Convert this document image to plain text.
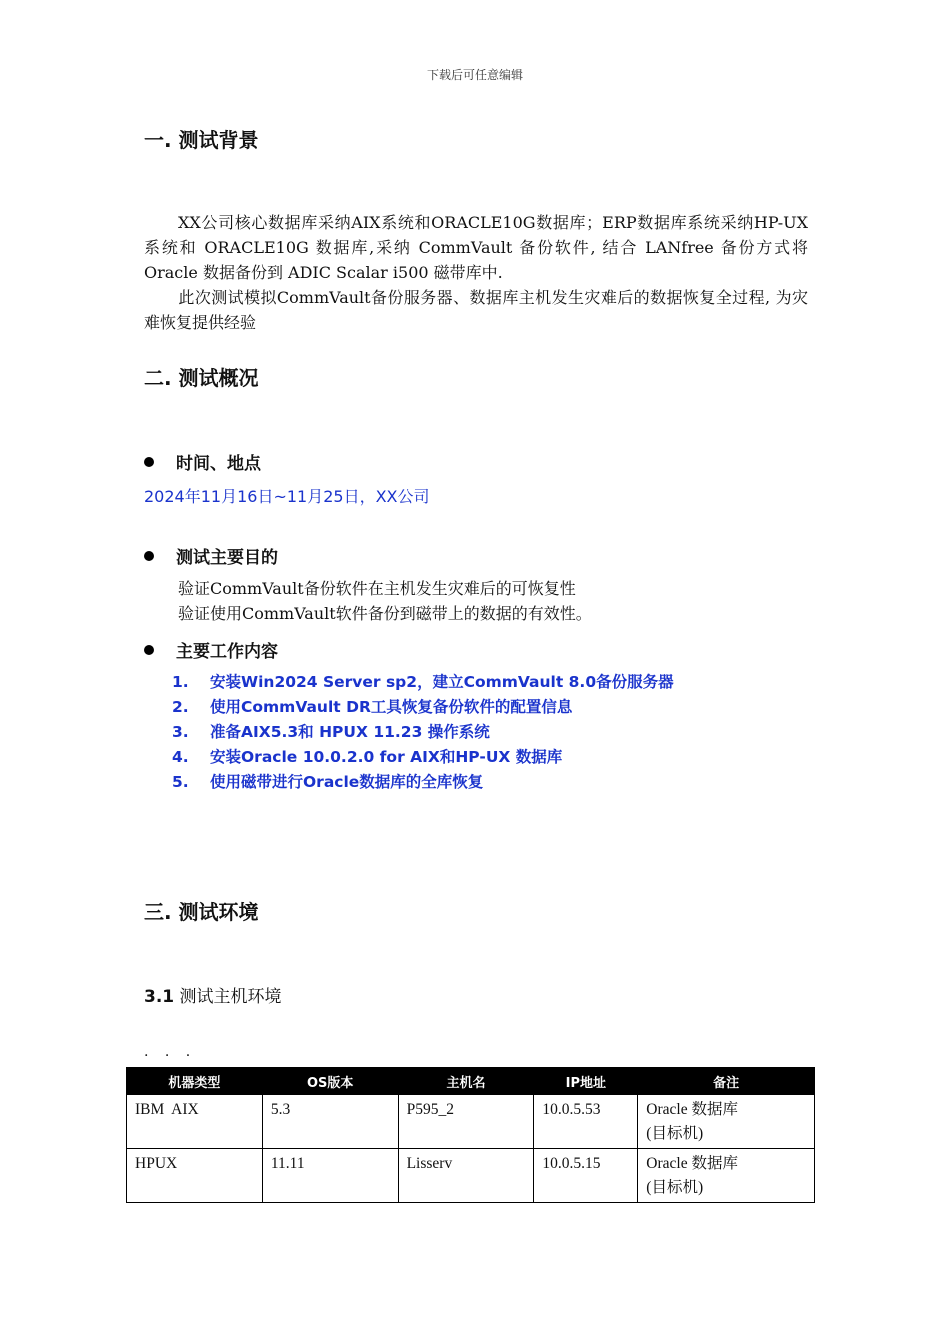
下载后可任意编辑
一. 测试背景
XX公司核心数据库采纳AIX系统和ORACLE10G数据库；ERP数据库系统采纳HP-UX 系统和 ORACLE10G 数据库,采纳 CommVault 备份软件, 结合 LANfree 备份方式将 Oracle 数据备份到 ADIC Scalar i500 磁带库中.
此次测试模拟CommVault备份服务器、数据库主机发生灾难后的数据恢复全过程, 为灾难恢复提供经验
二. 测试概况
时间、地点
2024年11月16日~11月25日，XX公司
测试主要目的
验证CommVault备份软件在主机发生灾难后的可恢复性
验证使用CommVault软件备份到磁带上的数据的有效性。
主要工作内容
1. 安装Win2024 Server sp2，建立CommVault 8.0备份服务器
2. 使用CommVault DR工具恢复备份软件的配置信息
3. 准备AIX5.3和 HPUX 11.23 操作系统
4. 安装Oracle 10.0.2.0 for AIX和HP-UX 数据库
5. 使用磁带进行Oracle数据库的全库恢复
三. 测试环境
3.1 测试主机环境
. . .
机器类型	OS版本	主机名	IP地址	备注
IBM  AIX	5.3	P595_2	10.0.5.53	Oracle 数据库
(目标机)
HPUX	11.11	Lisserv	10.0.5.15	Oracle 数据库
(目标机)
